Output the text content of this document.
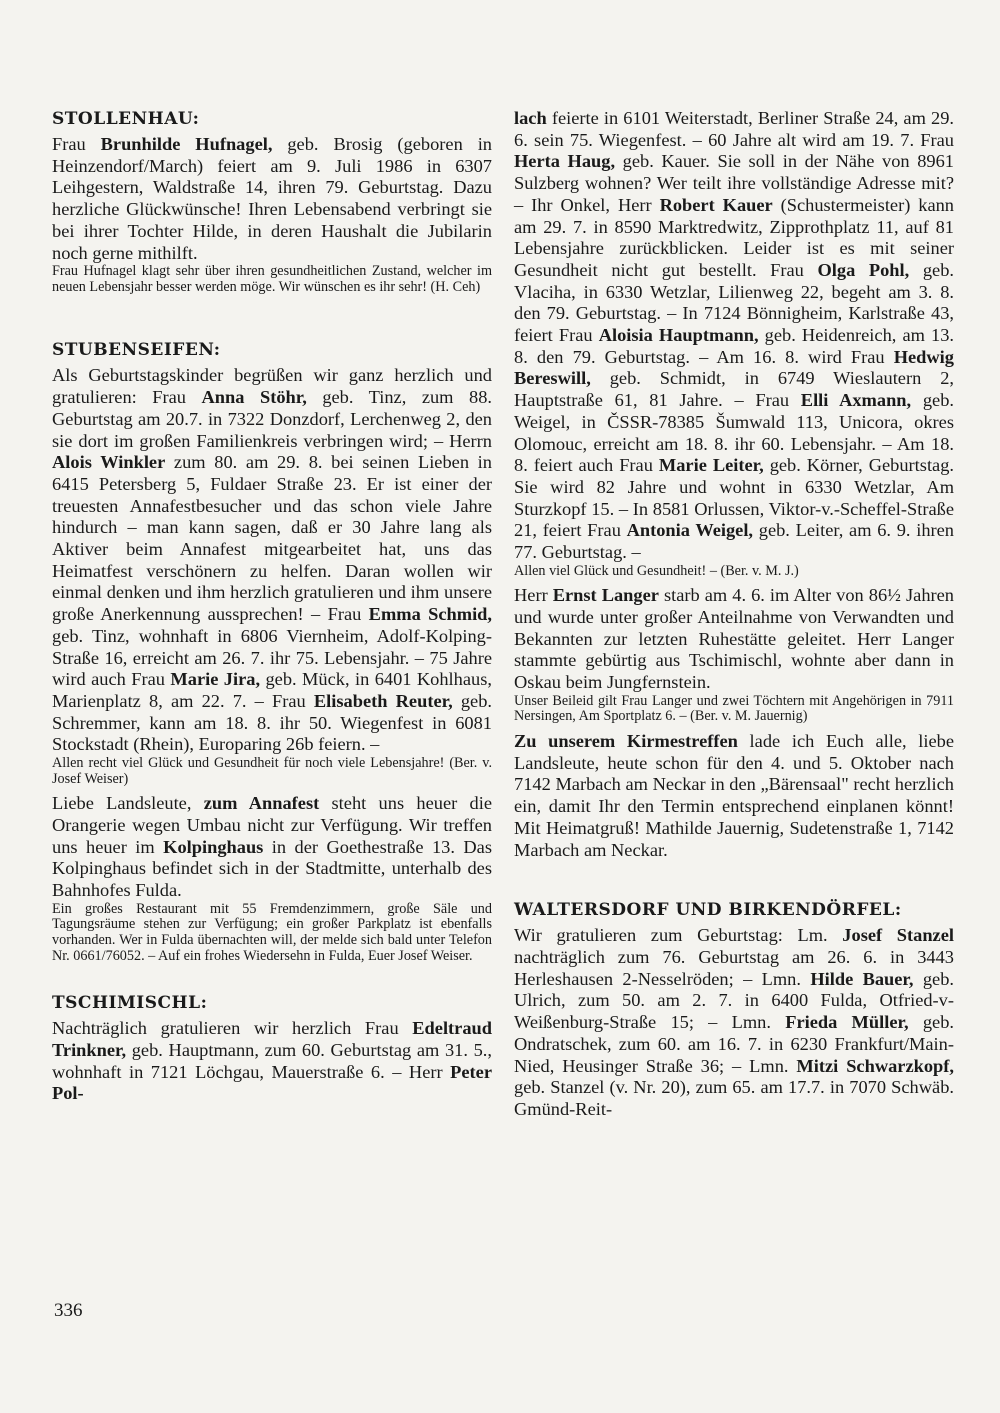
STOLLENHAU:

Frau Brunhilde Hufnagel, geb. Brosig (geboren in Heinzendorf/March) feiert am 9. Juli 1986 in 6307 Leihgestern, Waldstraße 14, ihren 79. Geburtstag. Dazu herzliche Glückwünsche! Ihren Lebensabend verbringt sie bei ihrer Tochter Hilde, in deren Haushalt die Jubilarin noch gerne mithilft.

Frau Hufnagel klagt sehr über ihren gesundheitlichen Zustand, welcher im neuen Lebensjahr besser werden möge. Wir wünschen es ihr sehr! (H. Ceh)

STUBENSEIFEN:

Als Geburtstagskinder begrüßen wir ganz herzlich und gratulieren: Frau Anna Stöhr, geb. Tinz, zum 88. Geburtstag am 20.7. in 7322 Donzdorf, Lerchenweg 2, den sie dort im großen Familienkreis verbringen wird; – Herrn Alois Winkler zum 80. am 29. 8. bei seinen Lieben in 6415 Petersberg 5, Fuldaer Straße 23. Er ist einer der treuesten Annafestbesucher und das schon viele Jahre hindurch – man kann sagen, daß er 30 Jahre lang als Aktiver beim Annafest mitgearbeitet hat, uns das Heimatfest verschönern zu helfen. Daran wollen wir einmal denken und ihm herzlich gratulieren und ihm unsere große Anerkennung aussprechen! – Frau Emma Schmid, geb. Tinz, wohnhaft in 6806 Viernheim, Adolf-Kolping-Straße 16, erreicht am 26. 7. ihr 75. Lebensjahr. – 75 Jahre wird auch Frau Marie Jira, geb. Mück, in 6401 Kohlhaus, Marienplatz 8, am 22. 7. – Frau Elisabeth Reuter, geb. Schremmer, kann am 18. 8. ihr 50. Wiegenfest in 6081 Stockstadt (Rhein), Europaring 26b feiern. –

Allen recht viel Glück und Gesundheit für noch viele Lebensjahre! (Ber. v. Josef Weiser)

Liebe Landsleute, zum Annafest steht uns heuer die Orangerie wegen Umbau nicht zur Verfügung. Wir treffen uns heuer im Kolpinghaus in der Goethestraße 13. Das Kolpinghaus befindet sich in der Stadtmitte, unterhalb des Bahnhofes Fulda.

Ein großes Restaurant mit 55 Fremdenzimmern, große Säle und Tagungsräume stehen zur Verfügung; ein großer Parkplatz ist ebenfalls vorhanden. Wer in Fulda übernachten will, der melde sich bald unter Telefon Nr. 0661/76052. – Auf ein frohes Wiedersehn in Fulda, Euer Josef Weiser.

TSCHIMISCHL:

Nachträglich gratulieren wir herzlich Frau Edeltraud Trinkner, geb. Hauptmann, zum 60. Geburtstag am 31. 5., wohnhaft in 7121 Löchgau, Mauerstraße 6. – Herr Peter Pol-

lach feierte in 6101 Weiterstadt, Berliner Straße 24, am 29. 6. sein 75. Wiegenfest. – 60 Jahre alt wird am 19. 7. Frau Herta Haug, geb. Kauer. Sie soll in der Nähe von 8961 Sulzberg wohnen? Wer teilt ihre vollständige Adresse mit? – Ihr Onkel, Herr Robert Kauer (Schustermeister) kann am 29. 7. in 8590 Marktredwitz, Zipprothplatz 11, auf 81 Lebensjahre zurückblicken. Leider ist es mit seiner Gesundheit nicht gut bestellt. Frau Olga Pohl, geb. Vlaciha, in 6330 Wetzlar, Lilienweg 22, begeht am 3. 8. den 79. Geburtstag. – In 7124 Bönnigheim, Karlstraße 43, feiert Frau Aloisia Hauptmann, geb. Heidenreich, am 13. 8. den 79. Geburtstag. – Am 16. 8. wird Frau Hedwig Bereswill, geb. Schmidt, in 6749 Wieslautern 2, Hauptstraße 61, 81 Jahre. – Frau Elli Axmann, geb. Weigel, in ČSSR-78385 Šumwald 113, Unicora, okres Olomouc, erreicht am 18. 8. ihr 60. Lebensjahr. – Am 18. 8. feiert auch Frau Marie Leiter, geb. Körner, Geburtstag. Sie wird 82 Jahre und wohnt in 6330 Wetzlar, Am Sturzkopf 15. – In 8581 Orlussen, Viktor-v.-Scheffel-Straße 21, feiert Frau Antonia Weigel, geb. Leiter, am 6. 9. ihren 77. Geburtstag. –

Allen viel Glück und Gesundheit! – (Ber. v. M. J.)

Herr Ernst Langer starb am 4. 6. im Alter von 86½ Jahren und wurde unter großer Anteilnahme von Verwandten und Bekannten zur letzten Ruhestätte geleitet. Herr Langer stammte gebürtig aus Tschimischl, wohnte aber dann in Oskau beim Jungfernstein.

Unser Beileid gilt Frau Langer und zwei Töchtern mit Angehörigen in 7911 Nersingen, Am Sportplatz 6. – (Ber. v. M. Jauernig)

Zu unserem Kirmestreffen lade ich Euch alle, liebe Landsleute, heute schon für den 4. und 5. Oktober nach 7142 Marbach am Neckar in den „Bärensaal" recht herzlich ein, damit Ihr den Termin entsprechend einplanen könnt! Mit Heimatgruß! Mathilde Jauernig, Sudetenstraße 1, 7142 Marbach am Neckar.

WALTERSDORF UND BIRKENDÖRFEL:

Wir gratulieren zum Geburtstag: Lm. Josef Stanzel nachträglich zum 76. Geburtstag am 26. 6. in 3443 Herleshausen 2-Nesselröden; – Lmn. Hilde Bauer, geb. Ulrich, zum 50. am 2. 7. in 6400 Fulda, Otfried-v-Weißenburg-Straße 15; – Lmn. Frieda Müller, geb. Ondratschek, zum 60. am 16. 7. in 6230 Frankfurt/Main-Nied, Heusinger Straße 36; – Lmn. Mitzi Schwarzkopf, geb. Stanzel (v. Nr. 20), zum 65. am 17.7. in 7070 Schwäb. Gmünd-Reit-

336
